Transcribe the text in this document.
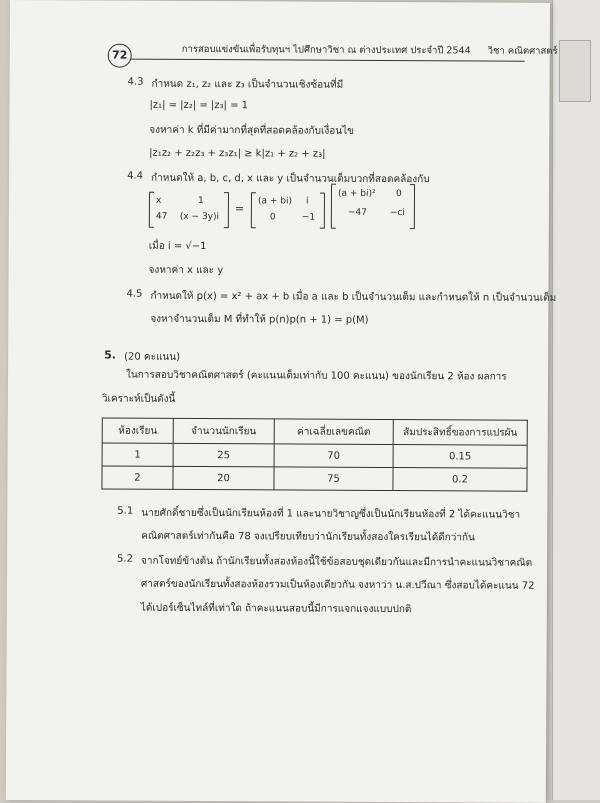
72	การสอบแข่งขันเพื่อรับทุนฯ ไปศึกษาวิชา ณ ต่างประเทศ ประจำปี 2544 วิชา คณิตศาสตร์
4.3 กำหนด z₁, z₂ และ z₃ เป็นจำนวนเชิงซ้อนที่มี
|z₁| = |z₂| = |z₃| = 1
จงหาค่า k ที่มีค่ามากที่สุดที่สอดคล้องกับเงื่อนไข
|z₁z₂ + z₂z₃ + z₃z₁| ≥ k|z₁ + z₂ + z₃|
4.4 กำหนดให้ a, b, c, d, x และ y เป็นจำนวนเต็มบวกที่สอดคล้องกับ
x	1
47 (x − 3y)i
=
(a + bi) i
0	−1
(a + bi)² 0
−47	−ci
เมื่อ i = √−1
จงหาค่า x และ y
4.5 กำหนดให้ p(x) = x² + ax + b เมื่อ a และ b เป็นจำนวนเต็ม และกำหนดให้ n เป็นจำนวนเต็ม
จงหาจำนวนเต็ม M ที่ทำให้ p(n)p(n + 1) = p(M)
5. (20 คะแนน)
ในการสอบวิชาคณิตศาสตร์ (คะแนนเต็มเท่ากับ 100 คะแนน) ของนักเรียน 2 ห้อง ผลการ
วิเคราะห์เป็นดังนี้
ห้องเรียน	จำนวนนักเรียน	ค่าเฉลี่ยเลขคณิต	สัมประสิทธิ์ของการแปรผัน
1	25	70	0.15
2	20	75	0.2
5.1 นายศักดิ์ชายซึ่งเป็นนักเรียนห้องที่ 1 และนายวิชาญซึ่งเป็นนักเรียนห้องที่ 2 ได้คะแนนวิชา
คณิตศาสตร์เท่ากันคือ 78 จงเปรียบเทียบว่านักเรียนทั้งสองใครเรียนได้ดีกว่ากัน
5.2 จากโจทย์ข้างต้น ถ้านักเรียนทั้งสองห้องนี้ใช้ข้อสอบชุดเดียวกันและมีการนำคะแนนวิชาคณิต
ศาสตร์ของนักเรียนทั้งสองห้องรวมเป็นห้องเดียวกัน จงหาว่า น.ส.ปวีณา ซึ่งสอบได้คะแนน 72
ได้เปอร์เซ็นไทล์ที่เท่าใด ถ้าคะแนนสอบนี้มีการแจกแจงแบบปกติ
